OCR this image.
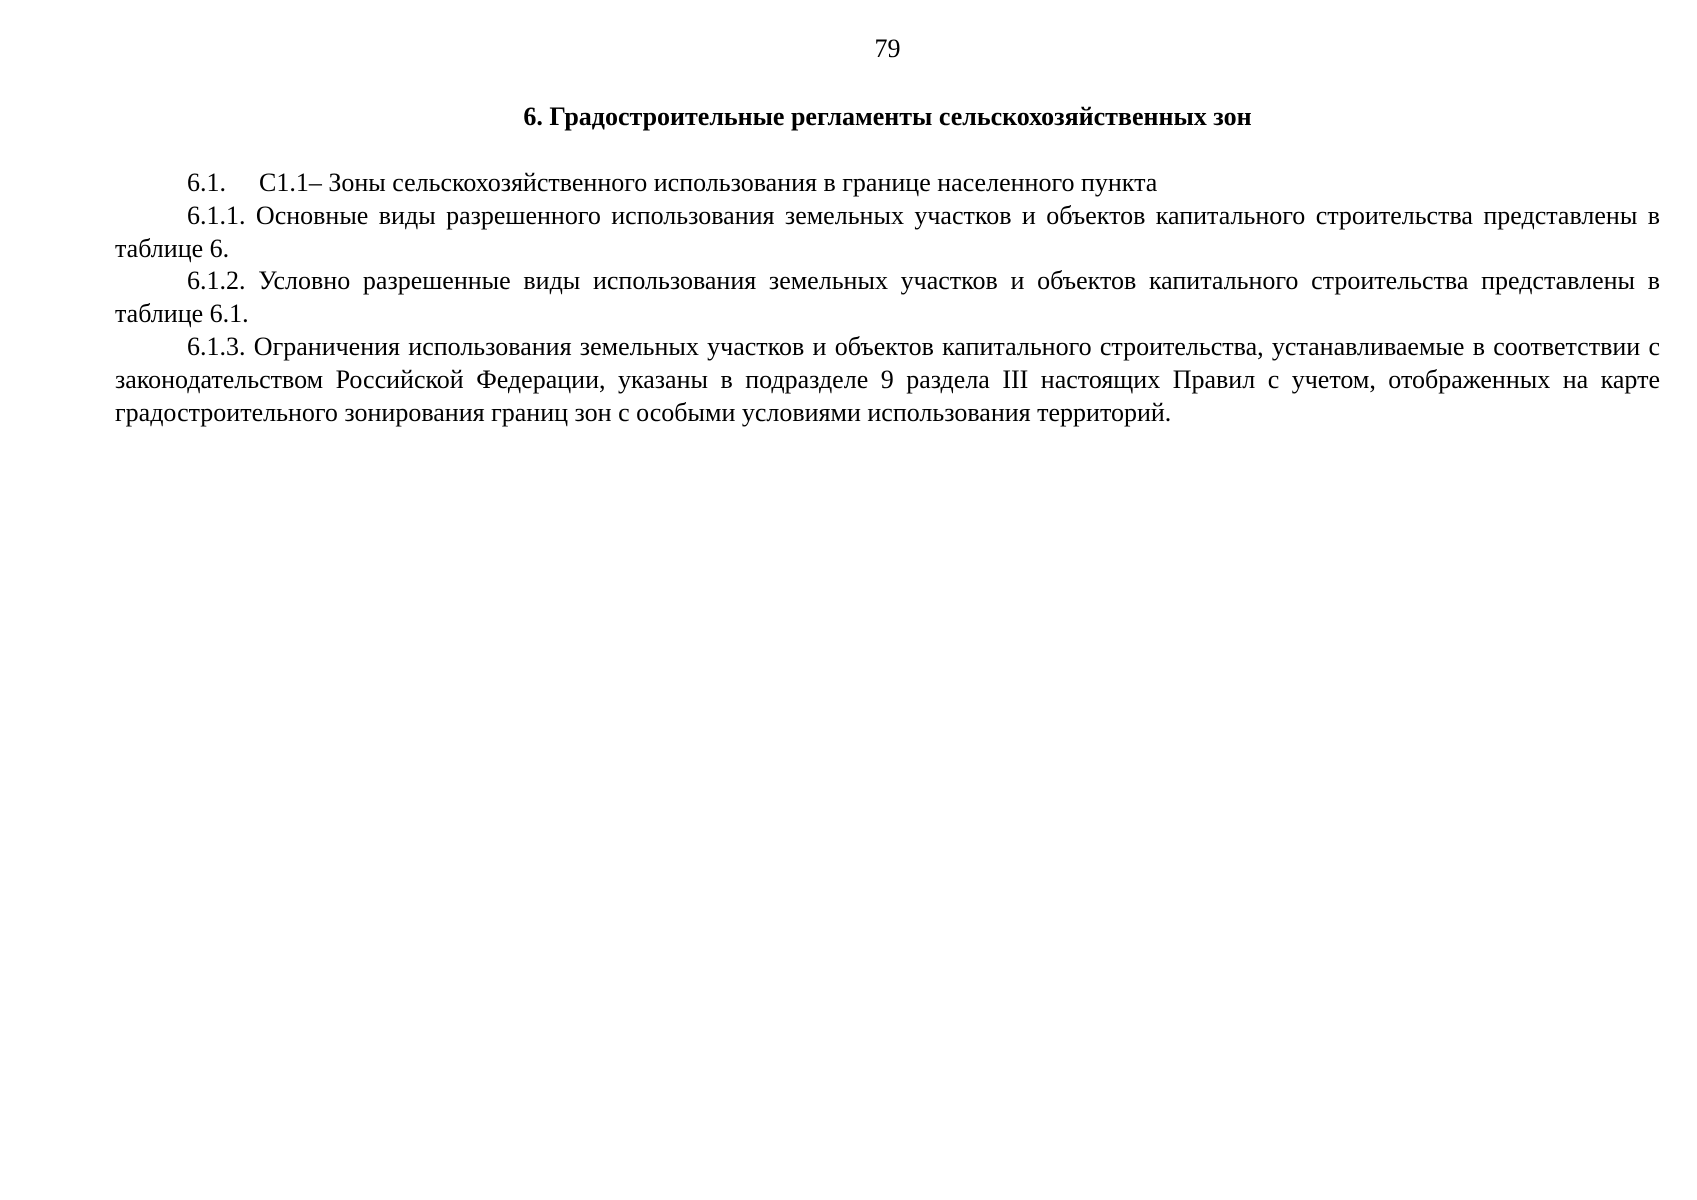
79
6. Градостроительные регламенты сельскохозяйственных зон

6.1. С1.1– Зоны сельскохозяйственного использования в границе населенного пункта

6.1.1. Основные виды разрешенного использования земельных участков и объектов капитального строительства представлены в таблице 6.

6.1.2. Условно разрешенные виды использования земельных участков и объектов капитального строительства представлены в таблице 6.1.

6.1.3. Ограничения использования земельных участков и объектов капитального строительства, устанавливаемые в соответствии с законодательством Российской Федерации, указаны в подразделе 9 раздела III настоящих Правил с учетом, отображенных на карте градостроительного зонирования границ зон с особыми условиями использования территорий.
